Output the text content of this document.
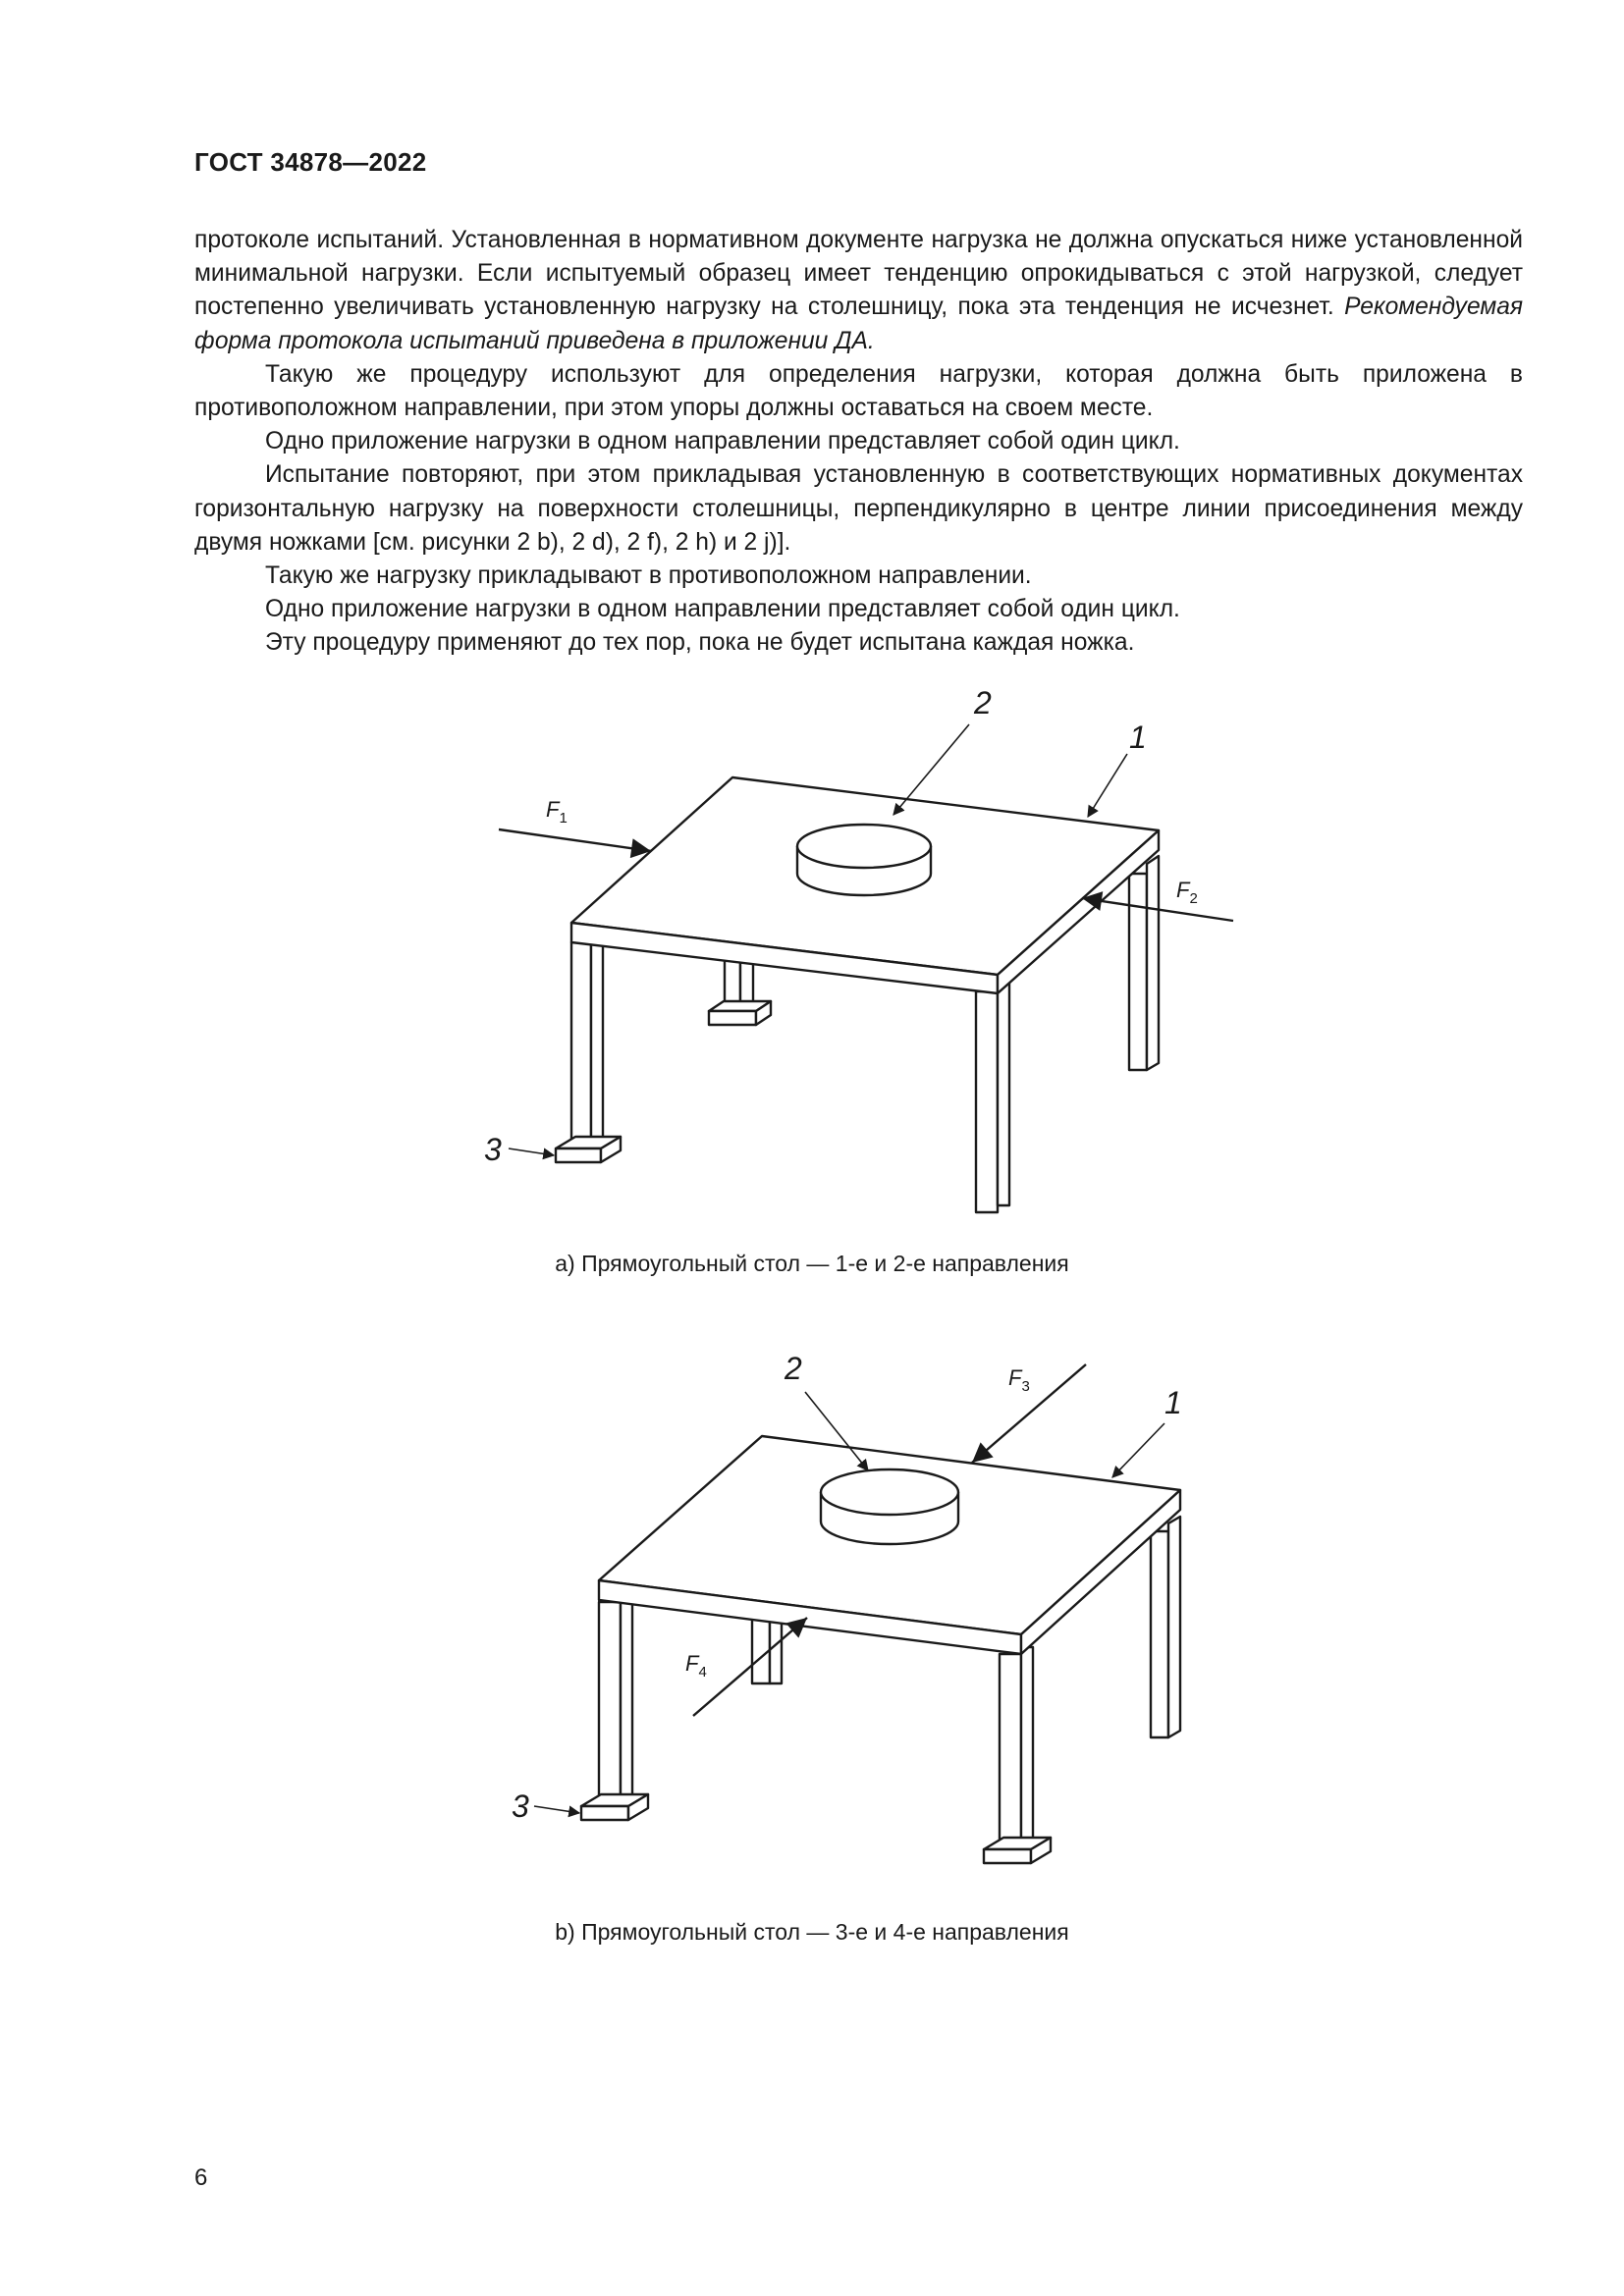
ГОСТ 34878—2022

протоколе испытаний. Установленная в нормативном документе нагрузка не должна опускаться ниже установленной минимальной нагрузки. Если испытуемый образец имеет тенденцию опрокидываться с этой нагрузкой, следует постепенно увеличивать установленную нагрузку на столешницу, пока эта тенденция не исчезнет. Рекомендуемая форма протокола испытаний приведена в приложении ДА.

Такую же процедуру используют для определения нагрузки, которая должна быть приложена в противоположном направлении, при этом упоры должны оставаться на своем месте.

Одно приложение нагрузки в одном направлении представляет собой один цикл.

Испытание повторяют, при этом прикладывая установленную в соответствующих нормативных документах горизонтальную нагрузку на поверхности столешницы, перпендикулярно в центре линии присоединения между двумя ножками [см. рисунки 2 b), 2 d), 2 f), 2 h) и 2 j)].

Такую же нагрузку прикладывают в противоположном направлении.

Одно приложение нагрузки в одном направлении представляет собой один цикл.

Эту процедуру применяют до тех пор, пока не будет испытана каждая ножка.

2
1
3
$F_1$
$F_2$
a) Прямоугольный стол — 1-е и 2-е направления
2
1
3
$F_3$
$F_4$
b) Прямоугольный стол — 3-е и 4-е направления
6
